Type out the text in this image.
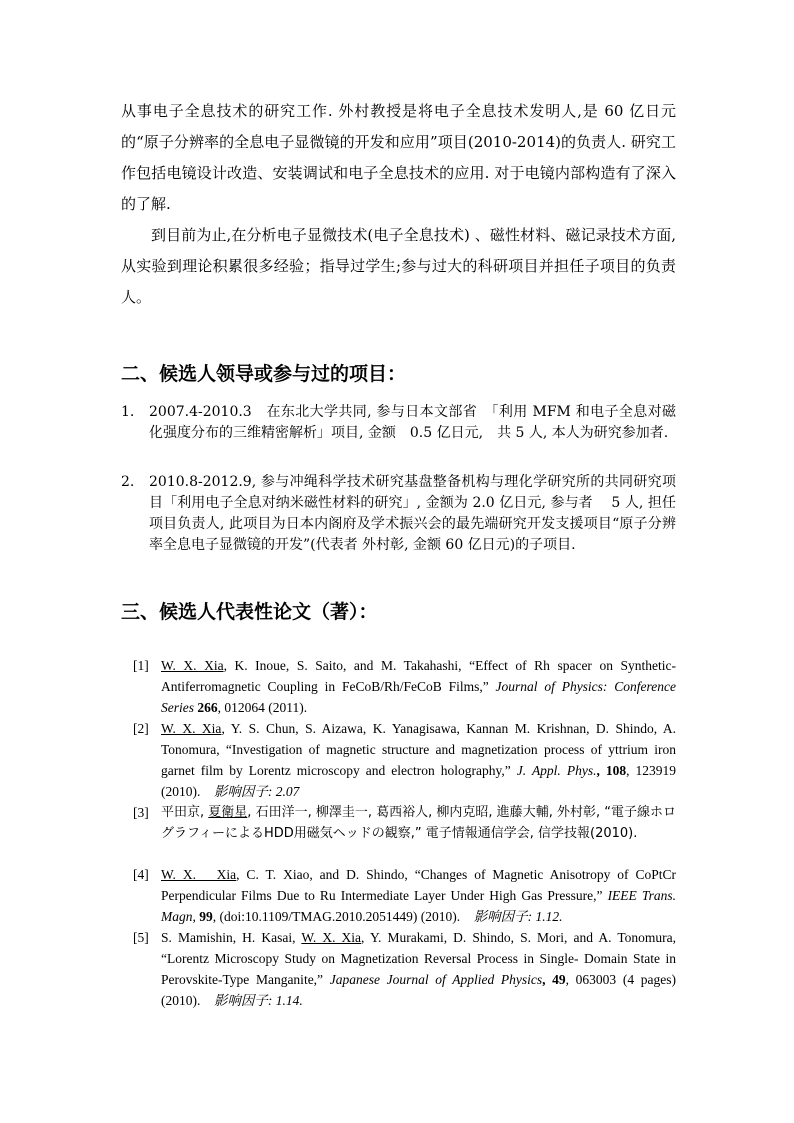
从事电子全息技术的研究工作. 外村教授是将电子全息技术发明人,是 60 亿日元的“原子分辨率的全息电子显微镜的开发和应用”项目(2010-2014)的负责人. 研究工作包括电镜设计改造、安装调试和电子全息技术的应用. 对于电镜内部构造有了深入的了解.
到目前为止,在分析电子显微技术(电子全息技术) 、磁性材料、磁记录技术方面,从实验到理论积累很多经验；指导过学生;参与过大的科研项目并担任子项目的负责人。
二、候选人领导或参与过的项目：
1.	2007.4-2010.3　在东北大学共同, 参与日本文部省　「利用 MFM 和电子全息对磁化强度分布的三维精密解析」项目, 金额　0.5 亿日元,　共 5 人, 本人为研究参加者.
2.	2010.8-2012.9, 参与冲绳科学技术研究基盘整备机构与理化学研究所的共同研究项目「利用电子全息对纳米磁性材料的研究」, 金额为 2.0 亿日元, 参与者　 5 人, 担任项目负责人, 此项目为日本内阁府及学术振兴会的最先端研究开发支援项目“原子分辨率全息电子显微镜的开发”(代表者 外村彰, 金额 60 亿日元)的子项目.
三、候选人代表性论文（著）：
[1] W. X. Xia, K. Inoue, S. Saito, and M. Takahashi, “Effect of Rh spacer on Synthetic-Antiferromagnetic Coupling in FeCoB/Rh/FeCoB Films,” Journal of Physics: Conference Series 266, 012064 (2011).
[2] W. X. Xia, Y. S. Chun, S. Aizawa, K. Yanagisawa, Kannan M. Krishnan, D. Shindo, A. Tonomura, “Investigation of magnetic structure and magnetization process of yttrium iron garnet film by Lorentz microscopy and electron holography,” J. Appl. Phys., 108, 123919 (2010).　影响因子: 2.07
[3] 平田京, 夏衛星, 石田洋一, 柳澤圭一, 葛西裕人, 柳内克昭, 進藤大輔, 外村彰, “電子線ホログラフィーによるHDD用磁気ヘッドの観察,” 電子情報通信学会, 信学技報(2010).
[4] W. X.　Xia, C. T. Xiao, and D. Shindo, “Changes of Magnetic Anisotropy of CoPtCr Perpendicular Films Due to Ru Intermediate Layer Under High Gas Pressure,” IEEE Trans. Magn, 99, (doi:10.1109/TMAG.2010.2051449) (2010).　影响因子: 1.12.
[5] S. Mamishin, H. Kasai, W. X. Xia, Y. Murakami, D. Shindo, S. Mori, and A. Tonomura, “Lorentz Microscopy Study on Magnetization Reversal Process in Single- Domain State in Perovskite-Type Manganite,” Japanese Journal of Applied Physics, 49, 063003 (4 pages) (2010).　影响因子: 1.14.
